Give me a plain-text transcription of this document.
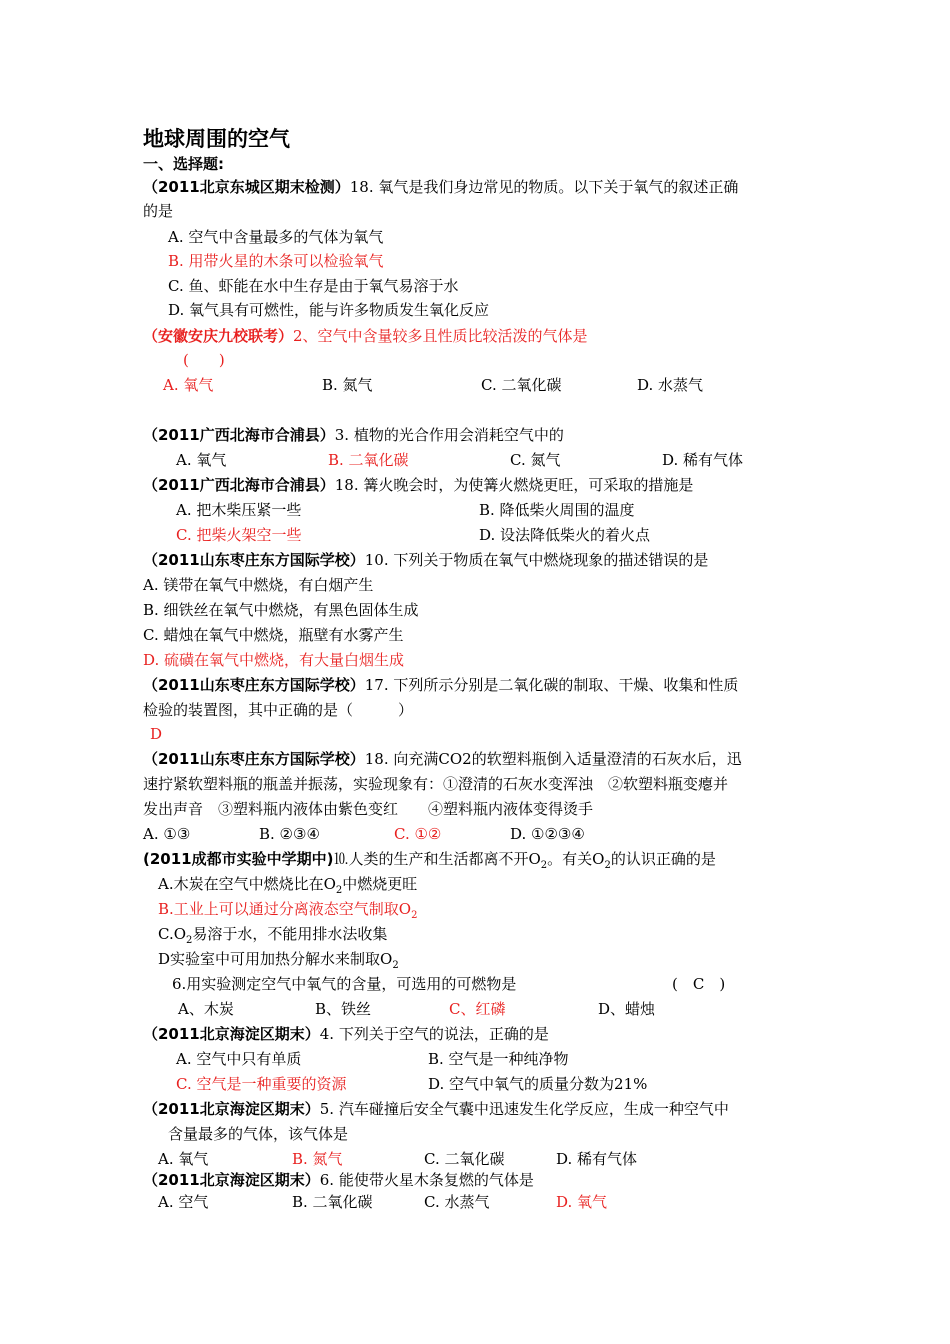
地球周围的空气
一、选择题:
（2011北京东城区期末检测）18. 氧气是我们身边常见的物质。以下关于氧气的叙述正确
的是
A. 空气中含量最多的气体为氧气
B. 用带火星的木条可以检验氧气
C. 鱼、虾能在水中生存是由于氧气易溶于水
D. 氧气具有可燃性，能与许多物质发生氧化反应
（安徽安庆九校联考）2、空气中含量较多且性质比较活泼的气体是
(　　)
A. 氧气	B. 氮气	C. 二氧化碳	D. 水蒸气
（2011广西北海市合浦县）3. 植物的光合作用会消耗空气中的
A. 氧气	B. 二氧化碳	C. 氮气	D. 稀有气体
（2011广西北海市合浦县）18. 篝火晚会时，为使篝火燃烧更旺，可采取的措施是
A. 把木柴压紧一些	B. 降低柴火周围的温度
C. 把柴火架空一些	D. 设法降低柴火的着火点
（2011山东枣庄东方国际学校）10. 下列关于物质在氧气中燃烧现象的描述错误的是
A. 镁带在氧气中燃烧，有白烟产生
B. 细铁丝在氧气中燃烧，有黑色固体生成
C. 蜡烛在氧气中燃烧，瓶壁有水雾产生
D. 硫磺在氧气中燃烧，有大量白烟生成
（2011山东枣庄东方国际学校）17. 下列所示分别是二氧化碳的制取、干燥、收集和性质
检验的装置图，其中正确的是（　　　）
D
（2011山东枣庄东方国际学校）18. 向充满CO2的软塑料瓶倒入适量澄清的石灰水后，迅
速拧紧软塑料瓶的瓶盖并振荡，实验现象有：①澄清的石灰水变浑浊　②软塑料瓶变瘪并
发出声音　③塑料瓶内液体由紫色变红　　④塑料瓶内液体变得烫手
A. ①③	B. ②③④	C. ①②	D. ①②③④
(2011成都市实验中学期中)⒑人类的生产和生活都离不开$O_2$。有关$O_2$的认识正确的是
A.木炭在空气中燃烧比在$O_2$中燃烧更旺
B.工业上可以通过分离液态空气制取$O_2$
$C.O_2$易溶于水，不能用排水法收集
D实验室中可用加热分解水来制取$O_2$
6.用实验测定空气中氧气的含量，可选用的可燃物是	(　C　)
A、木炭	B、铁丝	C、红磷	D、蜡烛
（2011北京海淀区期末）4. 下列关于空气的说法，正确的是
A. 空气中只有单质	B. 空气是一种纯净物
C. 空气是一种重要的资源	D. 空气中氧气的质量分数为21%
（2011北京海淀区期末）5. 汽车碰撞后安全气囊中迅速发生化学反应，生成一种空气中
含量最多的气体，该气体是
A. 氧气	B. 氮气	C. 二氧化碳	D. 稀有气体
（2011北京海淀区期末）6. 能使带火星木条复燃的气体是
A. 空气	B. 二氧化碳	C. 水蒸气	D. 氧气
